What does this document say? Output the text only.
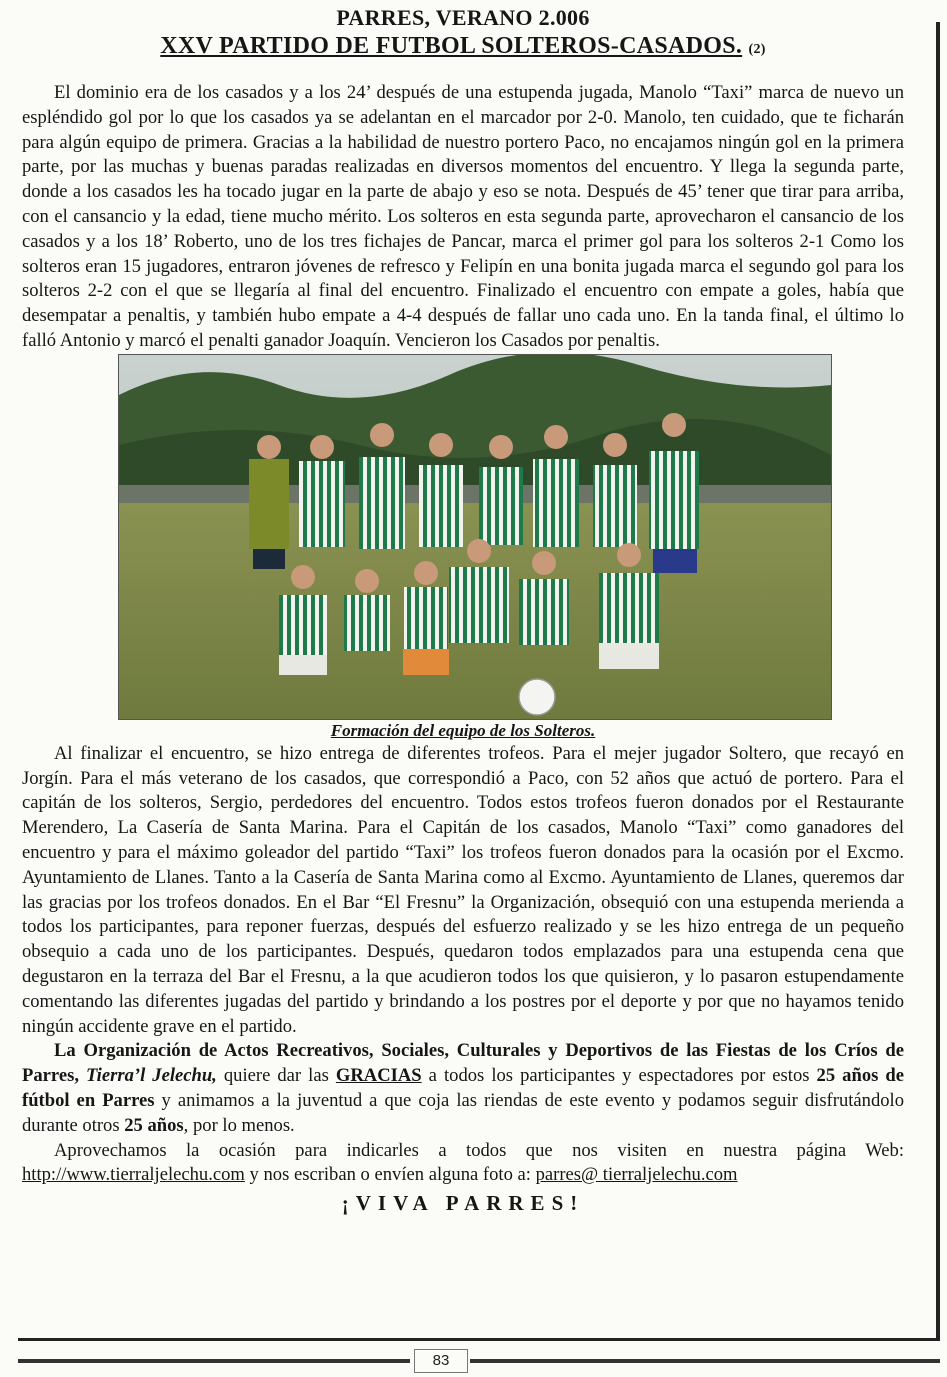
PARRES, VERANO 2.006
XXV PARTIDO DE FUTBOL SOLTEROS-CASADOS. (2)

El dominio era de los casados y a los 24’ después de una estupenda jugada, Manolo “Taxi” marca de nuevo un espléndido gol por lo que los casados ya se adelantan en el marcador por 2-0. Manolo, ten cuidado, que te ficharán para algún equipo de primera. Gracias a la habilidad de nuestro portero Paco, no encajamos ningún gol en la primera parte, por las muchas y buenas paradas realizadas en diversos momentos del encuentro. Y llega la segunda parte, donde a los casados les ha tocado jugar en la parte de abajo y eso se nota. Después de 45’ tener que tirar para arriba, con el cansancio y la edad, tiene mucho mérito. Los solteros en esta segunda parte, aprovecharon el cansancio de los casados y a los 18’ Roberto, uno de los tres fichajes de Pancar, marca el primer gol para los solteros 2-1 Como los solteros eran 15 jugadores, entraron jóvenes de refresco y Felipín en una bonita jugada marca el segundo gol para los solteros 2-2 con el que se llegaría al final del encuentro. Finalizado el encuentro con empate a goles, había que desempatar a penaltis, y también hubo empate a 4-4 después de fallar uno cada uno. En la tanda final, el último lo falló Antonio y marcó el penalti ganador Joaquín. Vencieron los Casados por penaltis.

Formación del equipo de los Solteros.

Al finalizar el encuentro, se hizo entrega de diferentes trofeos. Para el mejer jugador Soltero, que recayó en Jorgín. Para el más veterano de los casados, que correspondió a Paco, con 52 años que actuó de portero. Para el capitán de los solteros, Sergio, perdedores del encuentro. Todos estos trofeos fueron donados por el Restaurante Merendero, La Casería de Santa Marina. Para el Capitán de los casados, Manolo “Taxi” como ganadores del encuentro y para el máximo goleador del partido “Taxi” los trofeos fueron donados para la ocasión por el Excmo. Ayuntamiento de Llanes. Tanto a la Casería de Santa Marina como al Excmo. Ayuntamiento de Llanes, queremos dar las gracias por los trofeos donados. En el Bar “El Fresnu” la Organización, obsequió con una estupenda merienda a todos los participantes, para reponer fuerzas, después del esfuerzo realizado y se les hizo entrega de un pequeño obsequio a cada uno de los participantes. Después, quedaron todos emplazados para una estupenda cena que degustaron en la terraza del Bar el Fresnu, a la que acudieron todos los que quisieron, y lo pasaron estupendamente comentando las diferentes jugadas del partido y brindando a los postres por el deporte y por que no hayamos tenido ningún accidente grave en el partido.

La Organización de Actos Recreativos, Sociales, Culturales y Deportivos de las Fiestas de los Críos de Parres, Tierra’l Jelechu, quiere dar las GRACIAS a todos los participantes y espectadores por estos 25 años de fútbol en Parres y animamos a la juventud a que coja las riendas de este evento y podamos seguir disfrutándolo durante otros 25 años, por lo menos.

Aprovechamos la ocasión para indicarles a todos que nos visiten en nuestra página Web: http://www.tierraljelechu.com y nos escriban o envíen alguna foto a: parres@ tierraljelechu.com

¡VIVA PARRES!

83
